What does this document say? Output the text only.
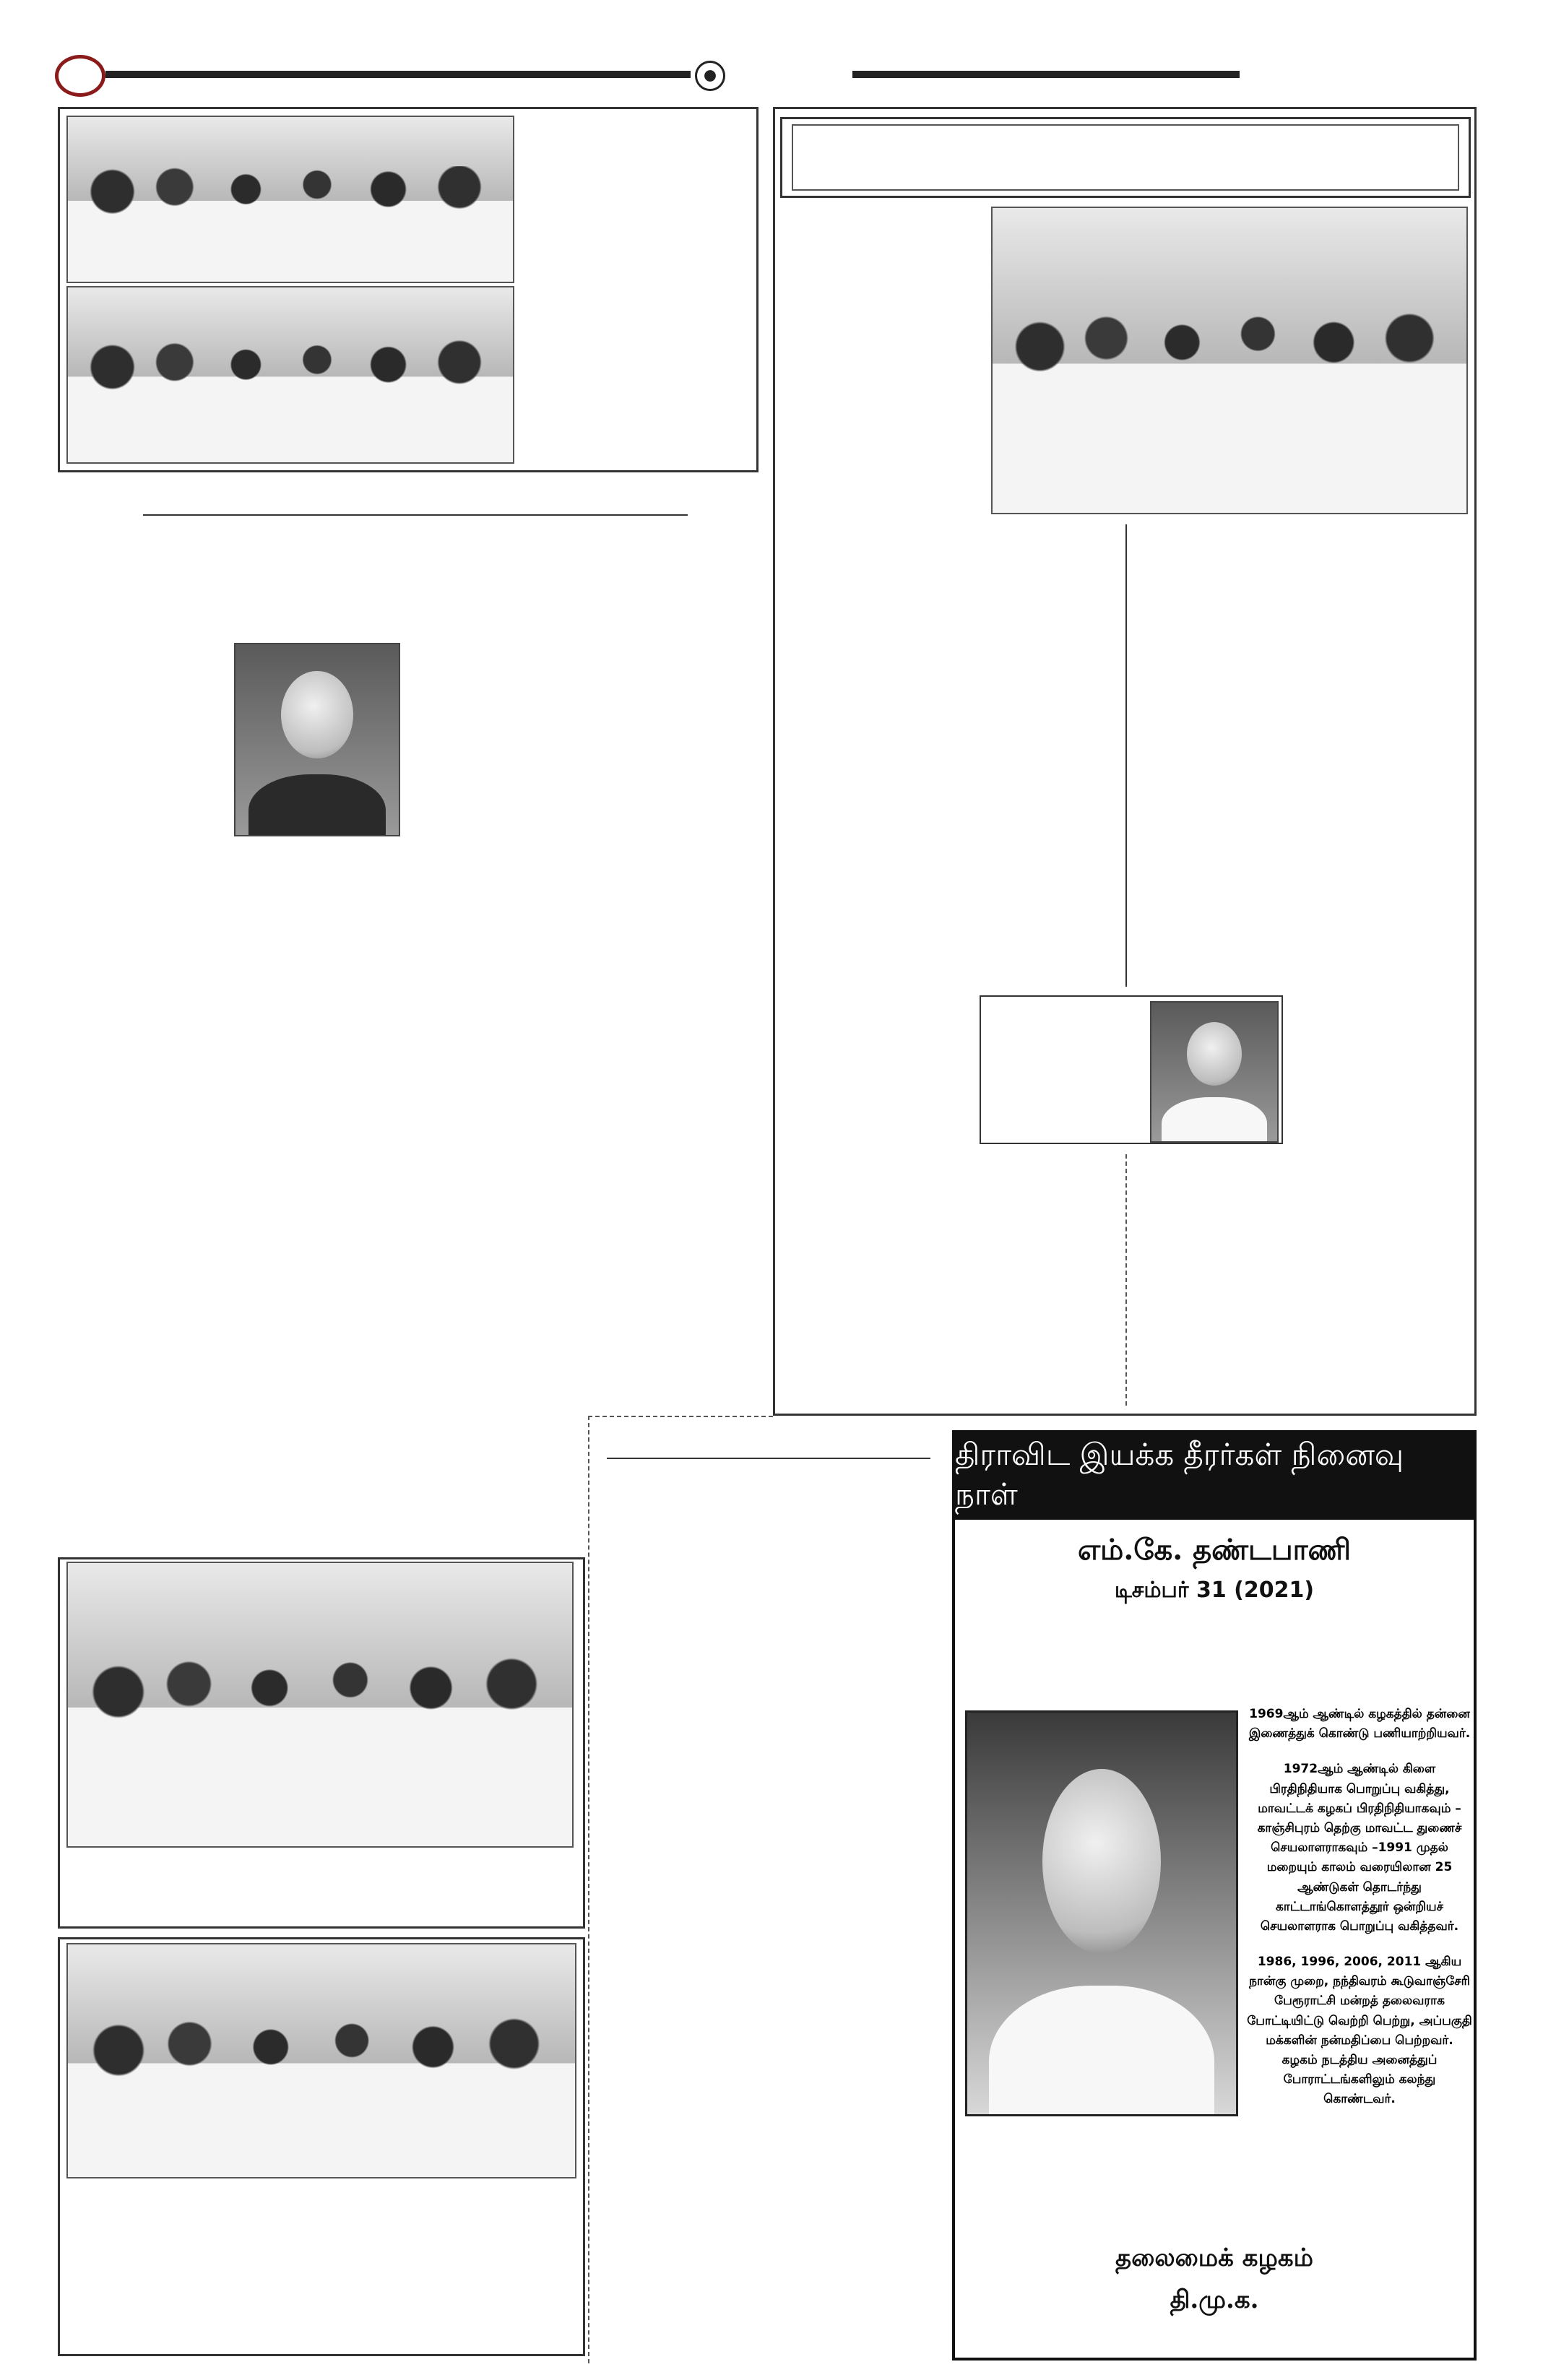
திராவிட இயக்க தீரர்கள் நினைவு நாள்
எம்.கே. தண்டபாணி
டிசம்பர் 31 (2021)

1969ஆம் ஆண்டில் கழகத்தில் தன்னை இணைத்துக் கொண்டு பணியாற்றியவர்.

1972ஆம் ஆண்டில் கிளை பிரதிநிதியாக பொறுப்பு வகித்து, மாவட்டக் கழகப் பிரதிநிதியாகவும் – காஞ்சிபுரம் தெற்கு மாவட்ட துணைச் செயலாளராகவும் –1991 முதல் மறையும் காலம் வரையிலான 25 ஆண்டுகள் தொடர்ந்து காட்டாங்கொளத்தூர் ஒன்றியச் செயலாளராக பொறுப்பு வகித்தவர்.

1986, 1996, 2006, 2011 ஆகிய நான்கு முறை, நந்திவரம் கூடுவாஞ்சேரி பேரூராட்சி மன்றத் தலைவராக போட்டியிட்டு வெற்றி பெற்று, அப்பகுதி மக்களின் நன்மதிப்பை பெற்றவர். கழகம் நடத்திய அனைத்துப் போராட்டங்களிலும் கலந்து கொண்டவர்.

தலைமைக் கழகம்
தி.மு.க.
